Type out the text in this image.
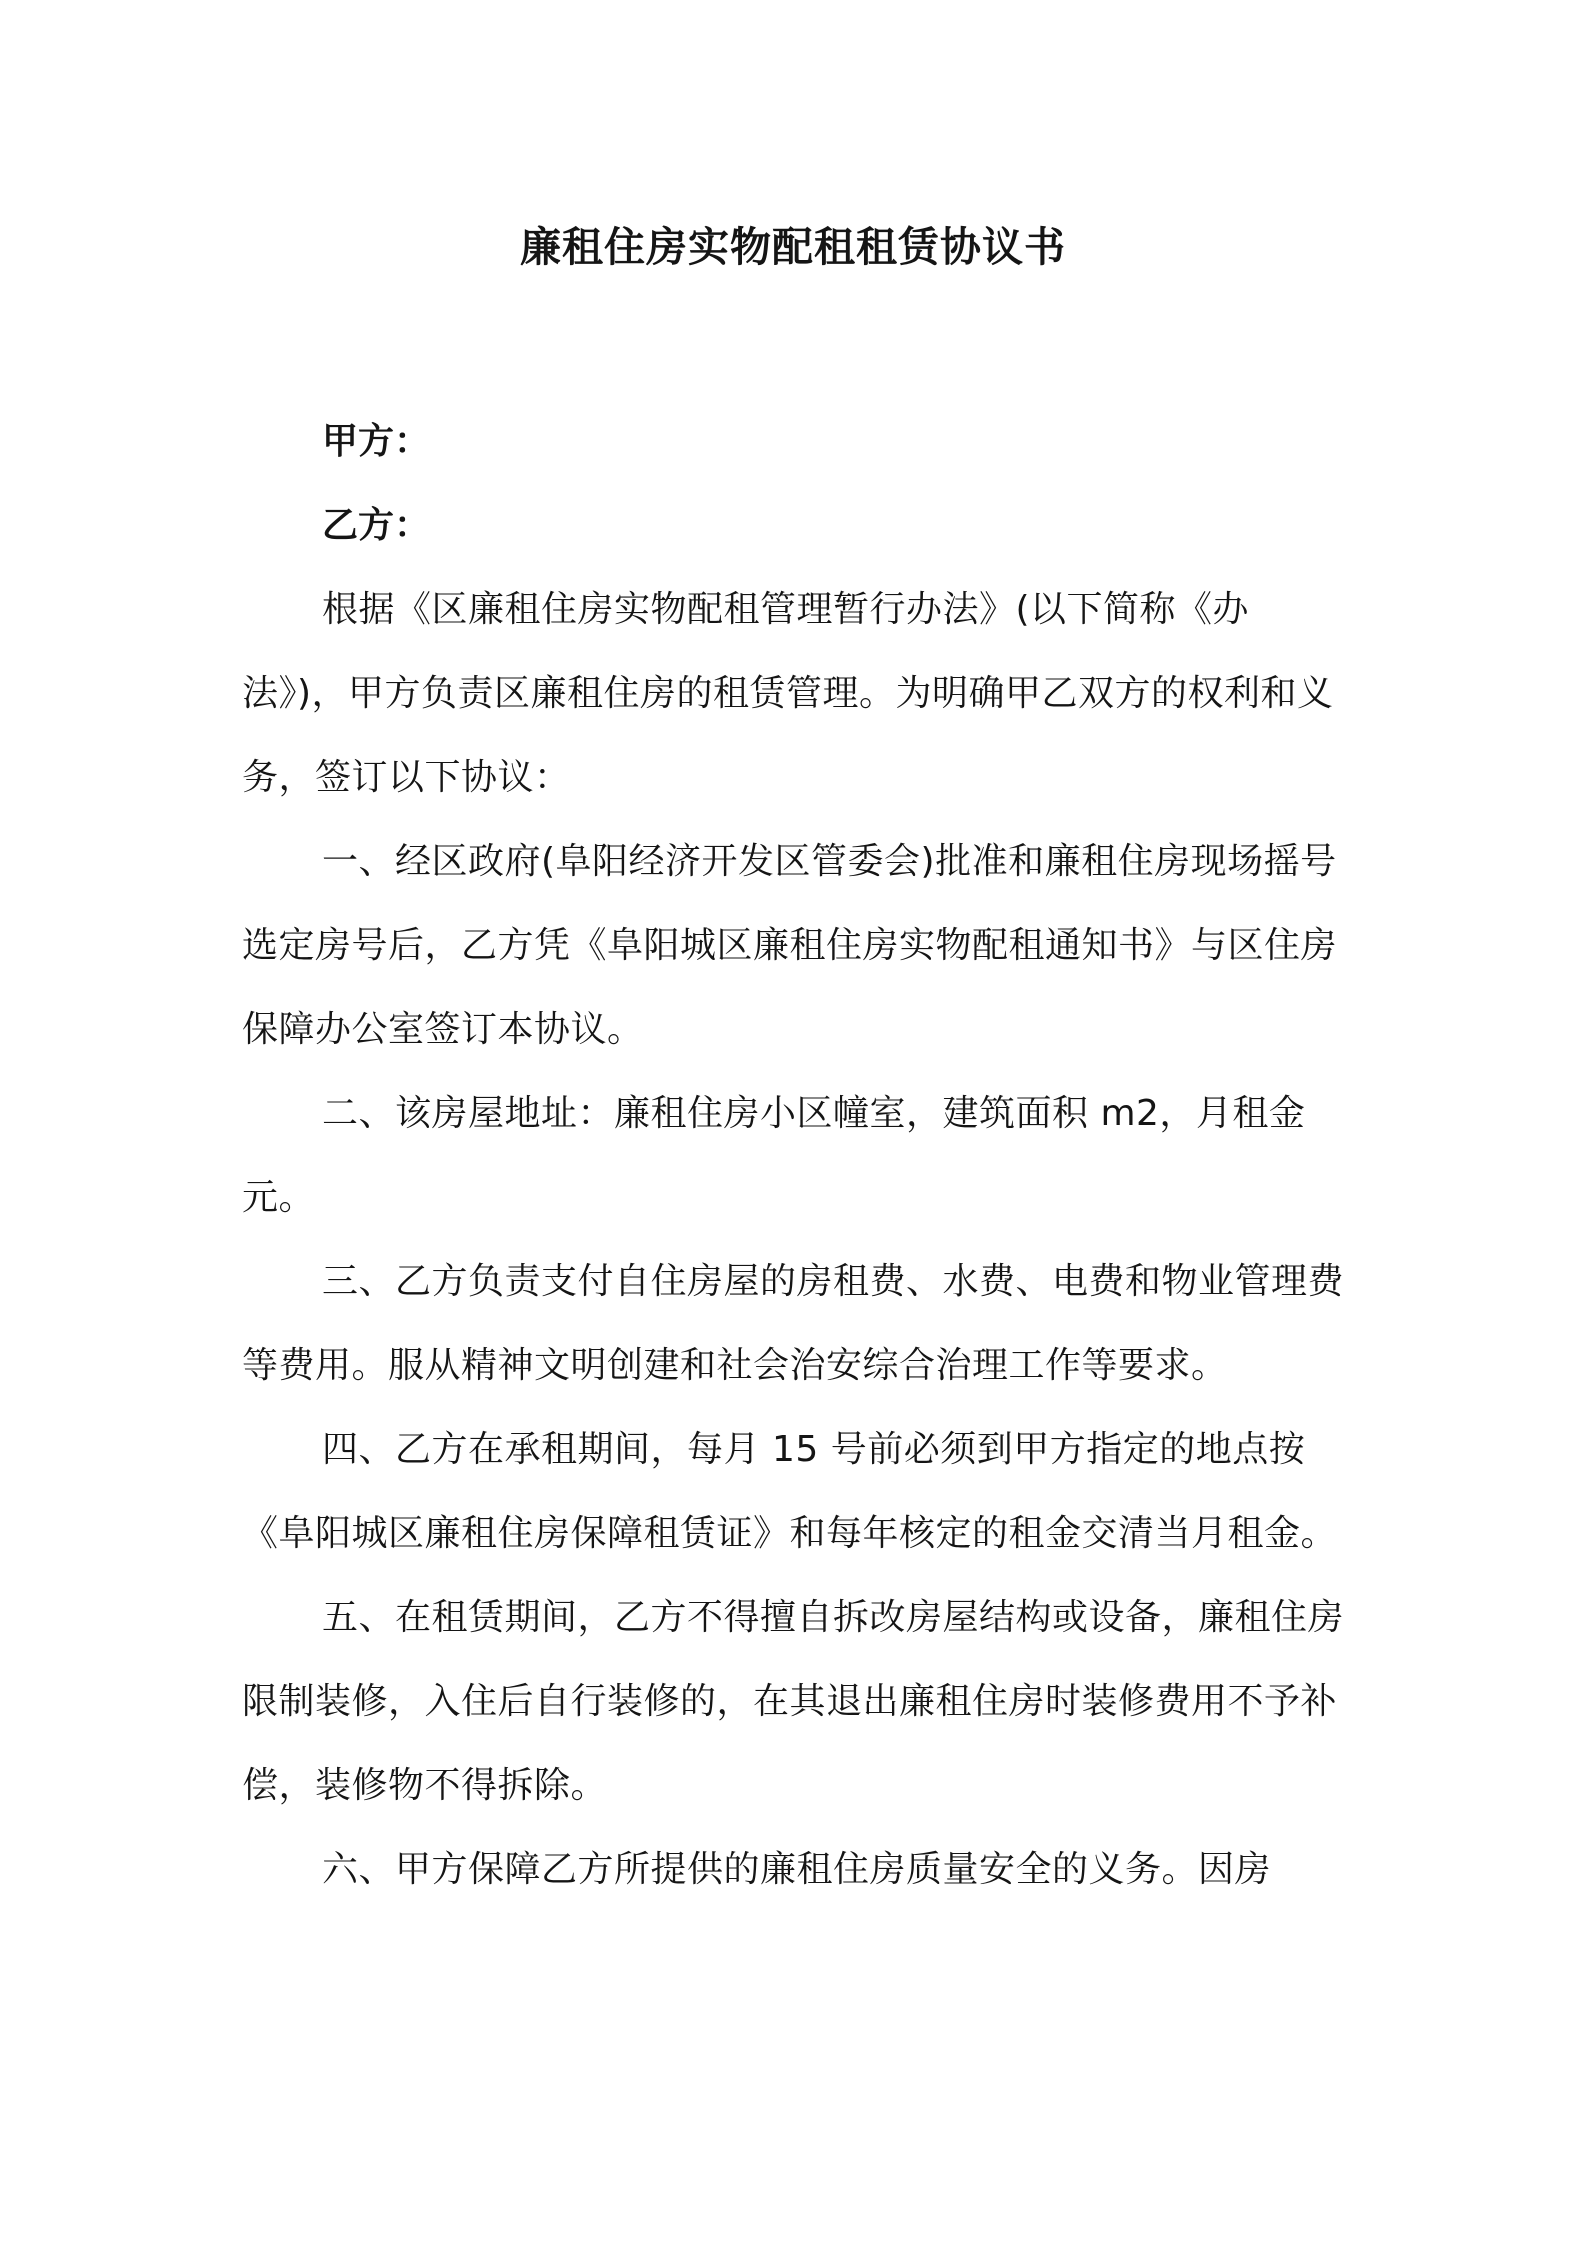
廉租住房实物配租租赁协议书

甲方：

乙方：

根据《区廉租住房实物配租管理暂行办法》(以下简称《办法》)，甲方负责区廉租住房的租赁管理。为明确甲乙双方的权利和义务，签订以下协议：

一、经区政府(阜阳经济开发区管委会)批准和廉租住房现场摇号选定房号后，乙方凭《阜阳城区廉租住房实物配租通知书》与区住房保障办公室签订本协议。

二、该房屋地址：廉租住房小区幢室，建筑面积 m2，月租金元。

三、乙方负责支付自住房屋的房租费、水费、电费和物业管理费等费用。服从精神文明创建和社会治安综合治理工作等要求。

四、乙方在承租期间，每月 15 号前必须到甲方指定的地点按《阜阳城区廉租住房保障租赁证》和每年核定的租金交清当月租金。

五、在租赁期间，乙方不得擅自拆改房屋结构或设备，廉租住房限制装修，入住后自行装修的，在其退出廉租住房时装修费用不予补偿，装修物不得拆除。

六、甲方保障乙方所提供的廉租住房质量安全的义务。因房
